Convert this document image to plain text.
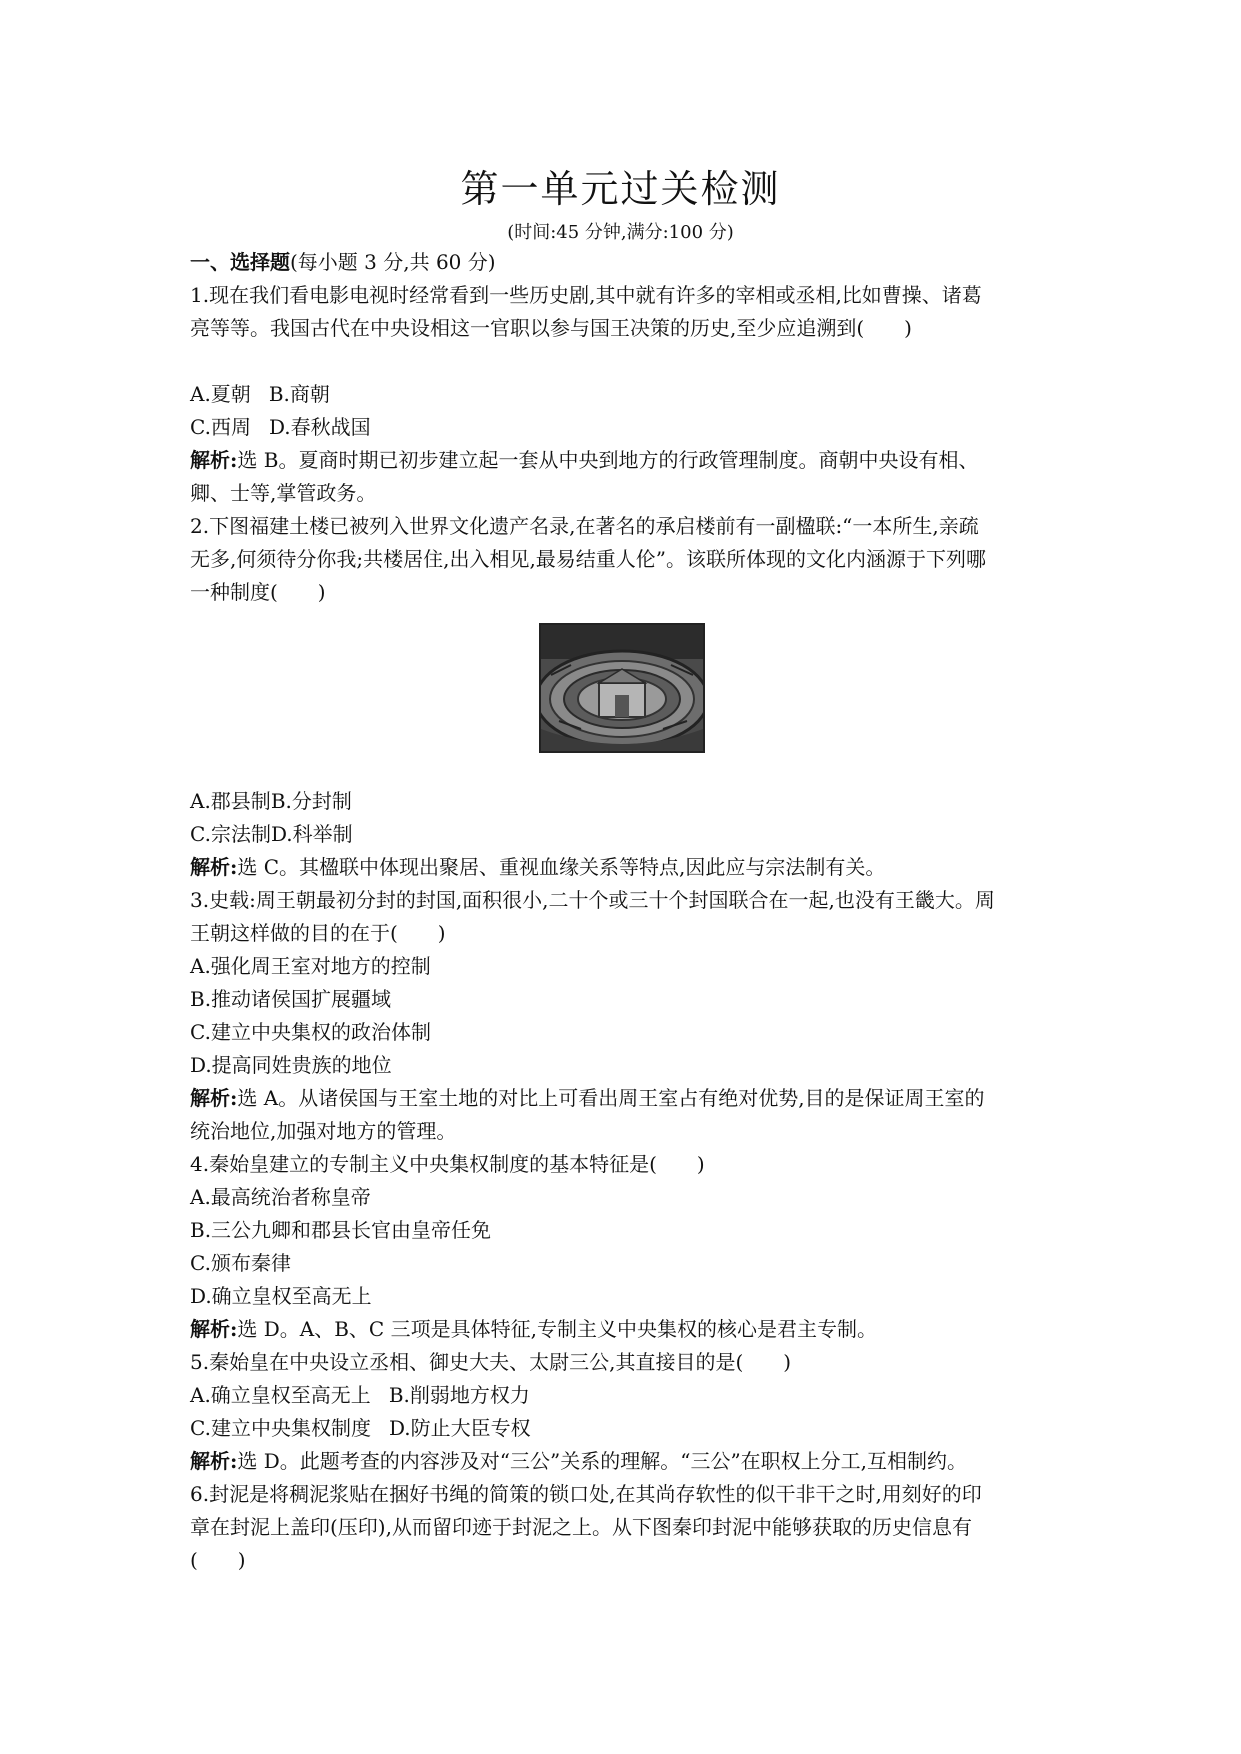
第一单元过关检测
(时间:45 分钟,满分:100 分)
一、选择题(每小题 3 分,共 60 分)
1.现在我们看电影电视时经常看到一些历史剧,其中就有许多的宰相或丞相,比如曹操、诸葛
亮等等。我国古代在中央设相这一官职以参与国王决策的历史,至少应追溯到(　　)
A.夏朝 B.商朝
C.西周 D.春秋战国
解析:选 B。夏商时期已初步建立起一套从中央到地方的行政管理制度。商朝中央设有相、
卿、士等,掌管政务。
2.下图福建土楼已被列入世界文化遗产名录,在著名的承启楼前有一副楹联:“一本所生,亲疏
无多,何须待分你我;共楼居住,出入相见,最易结重人伦”。该联所体现的文化内涵源于下列哪
一种制度(　　)
A.郡县制B.分封制
C.宗法制D.科举制
解析:选 C。其楹联中体现出聚居、重视血缘关系等特点,因此应与宗法制有关。
3.史载:周王朝最初分封的封国,面积很小,二十个或三十个封国联合在一起,也没有王畿大。周
王朝这样做的目的在于(　　)
A.强化周王室对地方的控制
B.推动诸侯国扩展疆域
C.建立中央集权的政治体制
D.提高同姓贵族的地位
解析:选 A。从诸侯国与王室土地的对比上可看出周王室占有绝对优势,目的是保证周王室的
统治地位,加强对地方的管理。
4.秦始皇建立的专制主义中央集权制度的基本特征是(　　)
A.最高统治者称皇帝
B.三公九卿和郡县长官由皇帝任免
C.颁布秦律
D.确立皇权至高无上
解析:选 D。A、B、C 三项是具体特征,专制主义中央集权的核心是君主专制。
5.秦始皇在中央设立丞相、御史大夫、太尉三公,其直接目的是(　　)
A.确立皇权至高无上 B.削弱地方权力
C.建立中央集权制度 D.防止大臣专权
解析:选 D。此题考查的内容涉及对“三公”关系的理解。“三公”在职权上分工,互相制约。
6.封泥是将稠泥浆贴在捆好书绳的简策的锁口处,在其尚存软性的似干非干之时,用刻好的印
章在封泥上盖印(压印),从而留印迹于封泥之上。从下图秦印封泥中能够获取的历史信息有
(　　)
